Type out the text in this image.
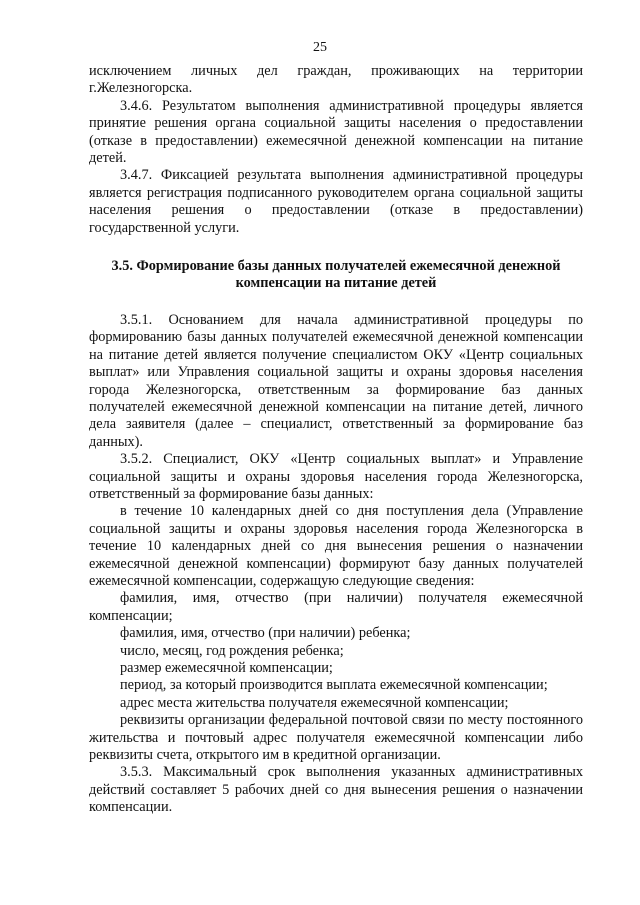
25

исключением личных дел граждан, проживающих на территории г.Железногорска.

3.4.6. Результатом выполнения административной процедуры является принятие решения органа социальной защиты населения о предоставлении (отказе в предоставлении) ежемесячной денежной компенсации на питание детей.

3.4.7. Фиксацией результата выполнения административной процедуры является регистрация подписанного руководителем органа социальной защиты населения решения о предоставлении (отказе в предоставлении) государственной услуги.

3.5. Формирование базы данных получателей ежемесячной денежной компенсации на питание детей

3.5.1. Основанием для начала административной процедуры по формированию базы данных получателей ежемесячной денежной компенсации на питание детей является получение специалистом ОКУ «Центр социальных выплат» или Управления социальной защиты и охраны здоровья населения города Железногорска, ответственным за формирование баз данных получателей ежемесячной денежной компенсации на питание детей, личного дела заявителя (далее – специалист, ответственный за формирование баз данных).

3.5.2. Специалист, ОКУ «Центр социальных выплат» и Управление социальной защиты и охраны здоровья населения города Железногорска, ответственный за формирование базы данных:

в течение 10 календарных дней со дня поступления дела (Управление социальной защиты и охраны здоровья населения города Железногорска в течение 10 календарных дней со дня вынесения решения о назначении ежемесячной денежной компенсации) формируют базу данных получателей ежемесячной компенсации, содержащую следующие сведения:

фамилия, имя, отчество (при наличии) получателя ежемесячной компенсации;

фамилия, имя, отчество (при наличии) ребенка;

число, месяц, год рождения ребенка;

размер ежемесячной компенсации;

период, за который производится выплата ежемесячной компенсации;

адрес места жительства получателя ежемесячной компенсации;

реквизиты организации федеральной почтовой связи по месту постоянного жительства и почтовый адрес получателя ежемесячной компенсации либо реквизиты счета, открытого им в кредитной организации.

3.5.3. Максимальный срок выполнения указанных административных действий составляет 5 рабочих дней со дня вынесения решения о назначении компенсации.
